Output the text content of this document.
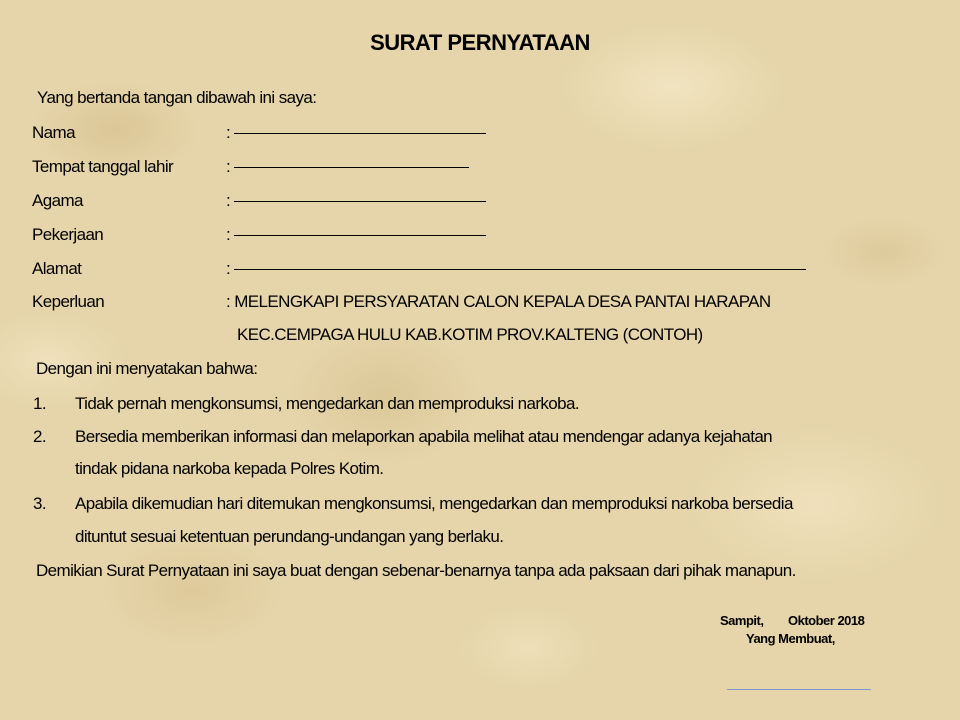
SURAT PERNYATAAN
Yang bertanda tangan dibawah ini saya:
Nama	:
Tempat tanggal lahir	:
Agama	:
Pekerjaan	:
Alamat	:
Keperluan	: MELENGKAPI PERSYARATAN CALON KEPALA DESA PANTAI HARAPAN
KEC.CEMPAGA HULU KAB.KOTIM PROV.KALTENG (CONTOH)
Dengan ini menyatakan bahwa:
1. Tidak pernah mengkonsumsi, mengedarkan dan memproduksi narkoba.
2. Bersedia memberikan informasi dan melaporkan apabila melihat atau mendengar adanya kejahatan
tindak pidana narkoba kepada Polres Kotim.
3. Apabila dikemudian hari ditemukan mengkonsumsi, mengedarkan dan memproduksi narkoba bersedia
dituntut sesuai ketentuan perundang-undangan yang berlaku.
Demikian Surat Pernyataan ini saya buat dengan sebenar-benarnya tanpa ada paksaan dari pihak manapun.
Sampit, Oktober 2018
Yang Membuat,
